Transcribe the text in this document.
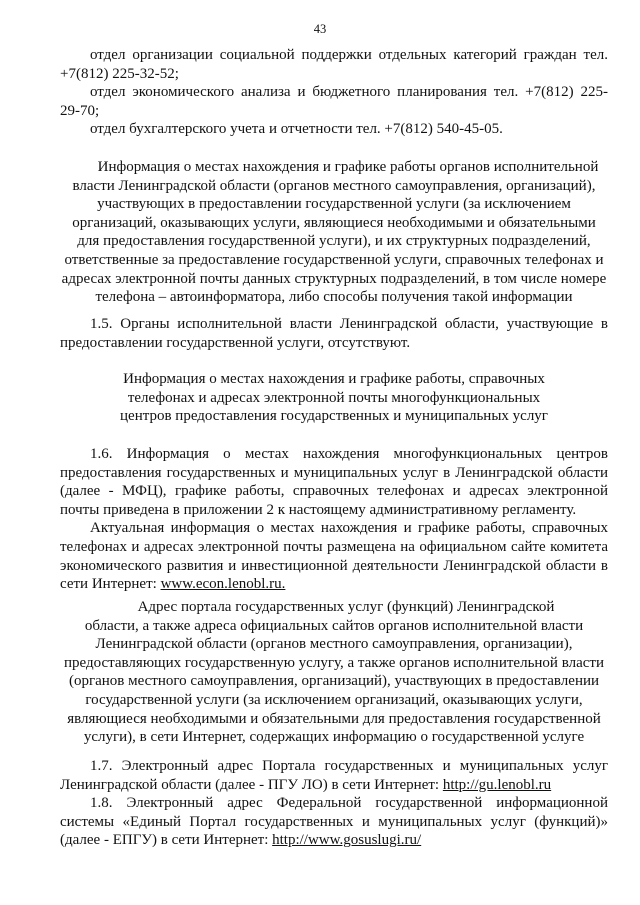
43
отдел организации социальной поддержки отдельных категорий граждан тел.
+7(812) 225-32-52;
отдел экономического анализа и бюджетного планирования тел. +7(812) 225-
29-70;
отдел бухгалтерского учета и отчетности тел. +7(812) 540-45-05.
Информация о местах нахождения и графике работы органов исполнительной
власти Ленинградской области (органов местного самоуправления, организаций),
участвующих в предоставлении государственной услуги (за исключением
организаций, оказывающих услуги, являющиеся необходимыми и обязательными
для предоставления государственной услуги), и их структурных подразделений,
ответственные за предоставление государственной услуги, справочных телефонах и
адресах электронной почты данных структурных подразделений, в том числе номере
телефона – автоинформатора, либо способы получения такой информации
1.5. Органы исполнительной власти Ленинградской области, участвующие в
предоставлении государственной услуги, отсутствуют.
Информация о местах нахождения и графике работы, справочных
телефонах и адресах электронной почты многофункциональных
центров предоставления государственных и муниципальных услуг
1.6. Информация о местах нахождения многофункциональных центров
предоставления государственных и муниципальных услуг в Ленинградской области
(далее - МФЦ), графике работы, справочных телефонах и адресах электронной
почты приведена в приложении 2 к настоящему административному регламенту.
Актуальная информация о местах нахождения и графике работы, справочных
телефонах и адресах электронной почты размещена на официальном сайте комитета
экономического развития и инвестиционной деятельности Ленинградской области в
сети Интернет: www.econ.lenobl.ru.
Адрес портала государственных услуг (функций) Ленинградской
области, а также адреса официальных сайтов органов исполнительной власти
Ленинградской области (органов местного самоуправления, организации),
предоставляющих государственную услугу, а также органов исполнительной власти
(органов местного самоуправления, организаций), участвующих в предоставлении
государственной услуги (за исключением организаций, оказывающих услуги,
являющиеся необходимыми и обязательными для предоставления государственной
услуги), в сети Интернет, содержащих информацию о государственной услуге
1.7. Электронный адрес Портала государственных и муниципальных услуг
Ленинградской области (далее - ПГУ ЛО) в сети Интернет: http://gu.lenobl.ru
1.8. Электронный адрес Федеральной государственной информационной
системы «Единый Портал государственных и муниципальных услуг (функций)»
(далее - ЕПГУ) в сети Интернет: http://www.gosuslugi.ru/
